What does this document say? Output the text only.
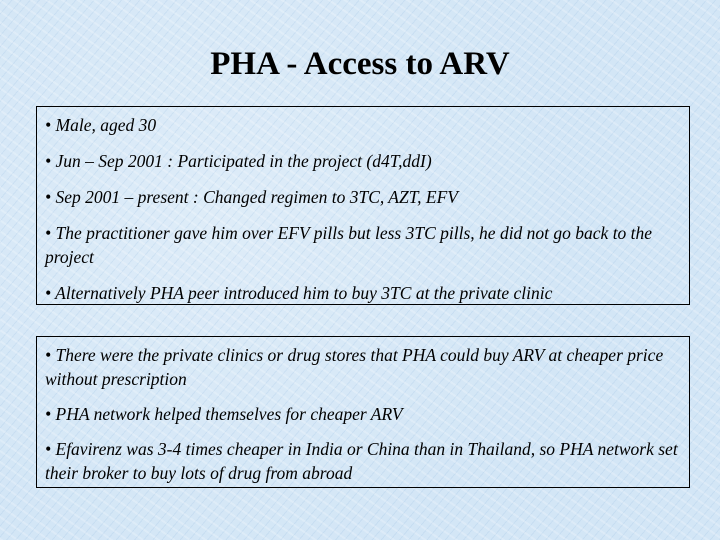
PHA - Access to ARV

• Male, aged 30

• Jun – Sep 2001 : Participated in the project (d4T,ddI)

• Sep 2001 – present : Changed regimen to 3TC, AZT, EFV

• The practitioner gave him over EFV pills but less 3TC pills, he did not go back to the project

• Alternatively PHA peer introduced him to buy 3TC at the private clinic

• There were the private clinics or drug stores that PHA could buy ARV at cheaper price without prescription

• PHA network helped themselves for cheaper ARV

• Efavirenz was 3-4 times cheaper in India or China than in Thailand, so PHA network set their broker to buy lots of drug from abroad
